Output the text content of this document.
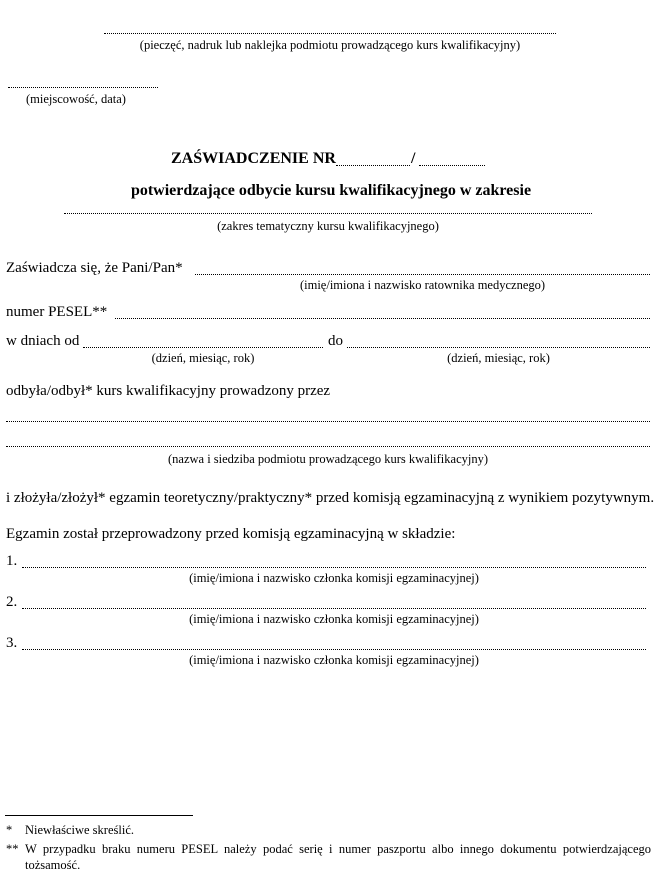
(pieczęć, nadruk lub naklejka podmiotu prowadzącego kurs kwalifikacyjny)
(miejscowość, data)
ZAŚWIADCZENIE NR	/
potwierdzające odbycie kursu kwalifikacyjnego w zakresie
(zakres tematyczny kursu kwalifikacyjnego)
Zaświadcza się, że Pani/Pan*
(imię/imiona i nazwisko ratownika medycznego)
numer PESEL**
w dniach od
(dzień, miesiąc, rok)
do
(dzień, miesiąc, rok)
odbyła/odbył* kurs kwalifikacyjny prowadzony przez
(nazwa i siedziba podmiotu prowadzącego kurs kwalifikacyjny)
i złożyła/złożył* egzamin teoretyczny/praktyczny* przed komisją egzaminacyjną z wynikiem pozytywnym.
Egzamin został przeprowadzony przed komisją egzaminacyjną w składzie:
1.
(imię/imiona i nazwisko członka komisji egzaminacyjnej)
2.
(imię/imiona i nazwisko członka komisji egzaminacyjnej)
3.
(imię/imiona i nazwisko członka komisji egzaminacyjnej)
* Niewłaściwe skreślić.
** W przypadku braku numeru PESEL należy podać serię i numer paszportu albo innego dokumentu potwierdzającego tożsamość.
